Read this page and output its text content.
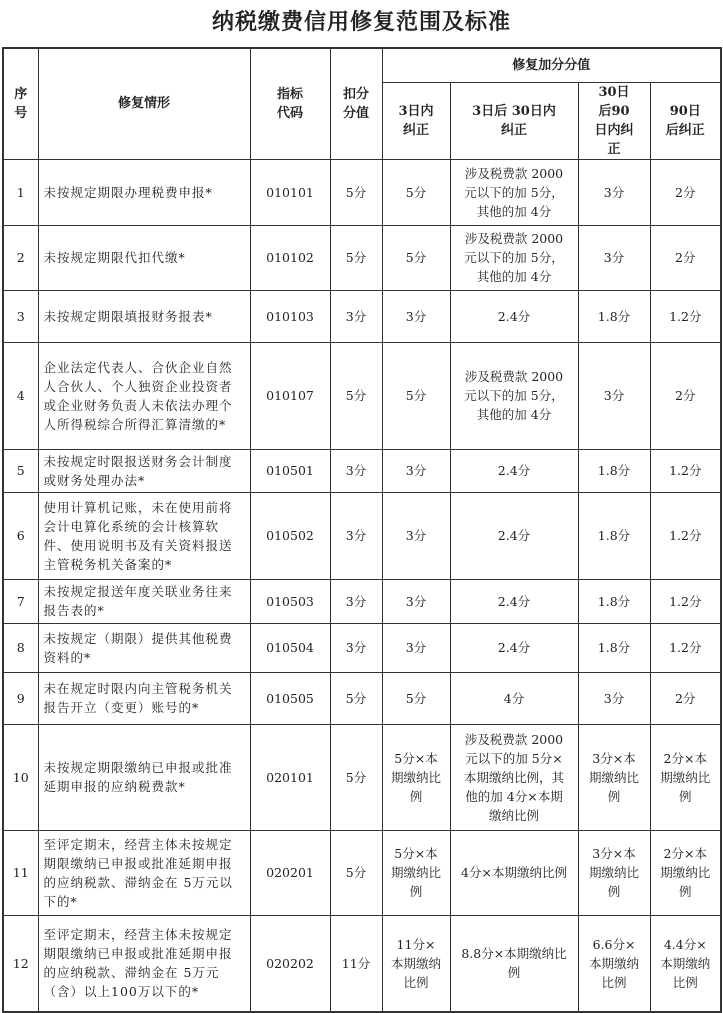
纳税缴费信用修复范围及标准
序号	修复情形	指标代码	扣分分值	修复加分分值			
				3日内纠正	3日后 30日内纠正	30日后90日内纠正	90日后纠正
1	未按规定期限办理税费申报*	010101	5分	5分	涉及税费款 2000元以下的加 5分，其他的加 4分	3分	2分
2	未按规定期限代扣代缴*	010102	5分	5分	涉及税费款 2000元以下的加 5分，其他的加 4分	3分	2分
3	未按规定期限填报财务报表*	010103	3分	3分	2.4分	1.8分	1.2分
4	企业法定代表人、合伙企业自然人合伙人、个人独资企业投资者或企业财务负责人未依法办理个人所得税综合所得汇算清缴的*	010107	5分	5分	涉及税费款 2000元以下的加 5分，其他的加 4分	3分	2分
5	未按规定时限报送财务会计制度或财务处理办法*	010501	3分	3分	2.4分	1.8分	1.2分
6	使用计算机记账，未在使用前将会计电算化系统的会计核算软件、使用说明书及有关资料报送主管税务机关备案的*	010502	3分	3分	2.4分	1.8分	1.2分
7	未按规定报送年度关联业务往来报告表的*	010503	3分	3分	2.4分	1.8分	1.2分
8	未按规定（期限）提供其他税费资料的*	010504	3分	3分	2.4分	1.8分	1.2分
9	未在规定时限内向主管税务机关报告开立（变更）账号的*	010505	5分	5分	4分	3分	2分
10	未按规定期限缴纳已申报或批准延期申报的应纳税费款*	020101	5分	5分×本期缴纳比例	涉及税费款 2000元以下的加 5分×本期缴纳比例，其他的加 4分×本期缴纳比例	3分×本期缴纳比例	2分×本期缴纳比例
11	至评定期末，经营主体未按规定期限缴纳已申报或批准延期申报的应纳税款、滞纳金在 5万元以下的*	020201	5分	5分×本期缴纳比例	4分×本期缴纳比例	3分×本期缴纳比例	2分×本期缴纳比例
12	至评定期末，经营主体未按规定期限缴纳已申报或批准延期申报的应纳税款、滞纳金在 5万元（含）以上100万以下的*	020202	11分	11分×本期缴纳比例	8.8分×本期缴纳比例	6.6分×本期缴纳比例	4.4分×本期缴纳比例
